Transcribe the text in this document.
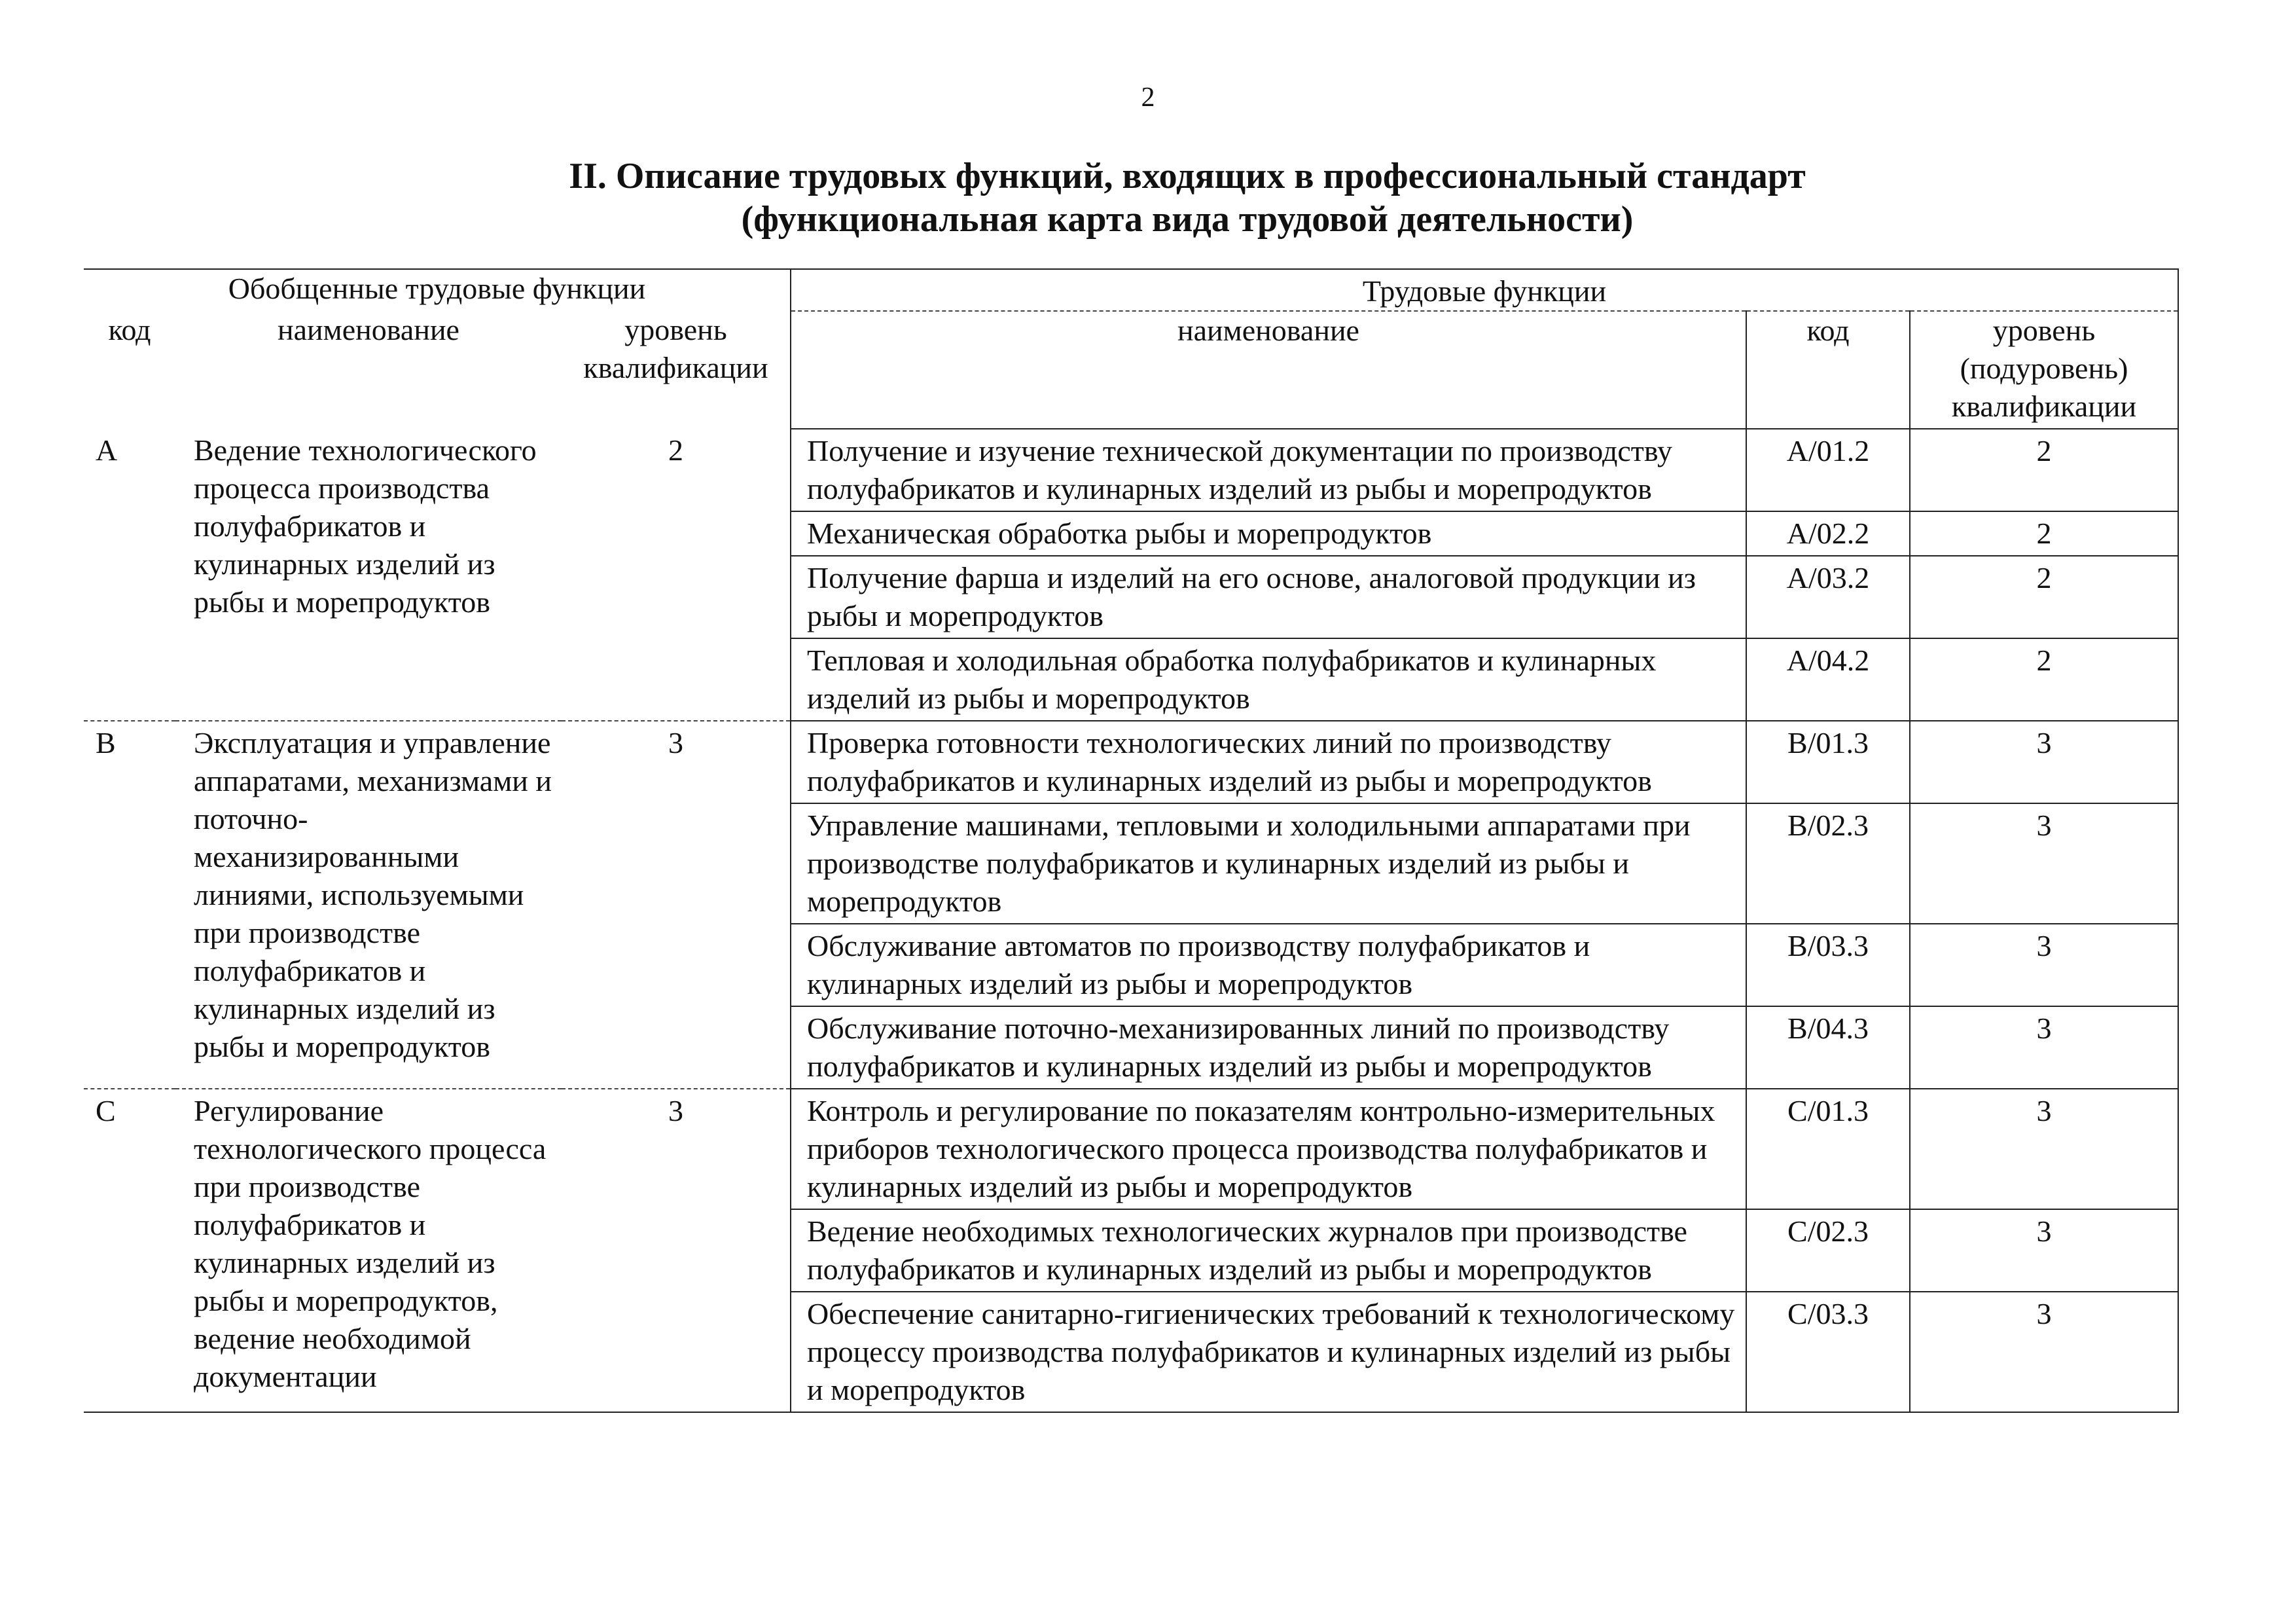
2
II. Описание трудовых функций, входящих в профессиональный стандарт
(функциональная карта вида трудовой деятельности)
Обобщенные трудовые функции			Трудовые функции		
код	наименование	уровень квалификации	наименование	код	уровень (подуровень) квалификации
A	Ведение технологического процесса производства полуфабрикатов и кулинарных изделий из рыбы и морепродуктов	2	Получение и изучение технической документации по производству полуфабрикатов и кулинарных изделий из рыбы и морепродуктов	A/01.2	2
			Механическая обработка рыбы и морепродуктов	A/02.2	2
			Получение фарша и изделий на его основе, аналоговой продукции из рыбы и морепродуктов	A/03.2	2
			Тепловая и холодильная обработка полуфабрикатов и кулинарных изделий из рыбы и морепродуктов	A/04.2	2
B	Эксплуатация и управление аппаратами, механизмами и поточно-механизированными линиями, используемыми при производстве полуфабрикатов и кулинарных изделий из рыбы и морепродуктов	3	Проверка готовности технологических линий по производству полуфабрикатов и кулинарных изделий из рыбы и морепродуктов	B/01.3	3
			Управление машинами, тепловыми и холодильными аппаратами при производстве полуфабрикатов и кулинарных изделий из рыбы и морепродуктов	B/02.3	3
			Обслуживание автоматов по производству полуфабрикатов и кулинарных изделий из рыбы и морепродуктов	B/03.3	3
			Обслуживание поточно-механизированных линий по производству полуфабрикатов и кулинарных изделий из рыбы и морепродуктов	B/04.3	3
C	Регулирование технологического процесса при производстве полуфабрикатов и кулинарных изделий из рыбы и морепродуктов, ведение необходимой документации	3	Контроль и регулирование по показателям контрольно-измерительных приборов технологического процесса производства полуфабрикатов и кулинарных изделий из рыбы и морепродуктов	C/01.3	3
			Ведение необходимых технологических журналов при производстве полуфабрикатов и кулинарных изделий из рыбы и морепродуктов	C/02.3	3
			Обеспечение санитарно-гигиенических требований к технологическому процессу производства полуфабрикатов и кулинарных изделий из рыбы и морепродуктов	C/03.3	3
